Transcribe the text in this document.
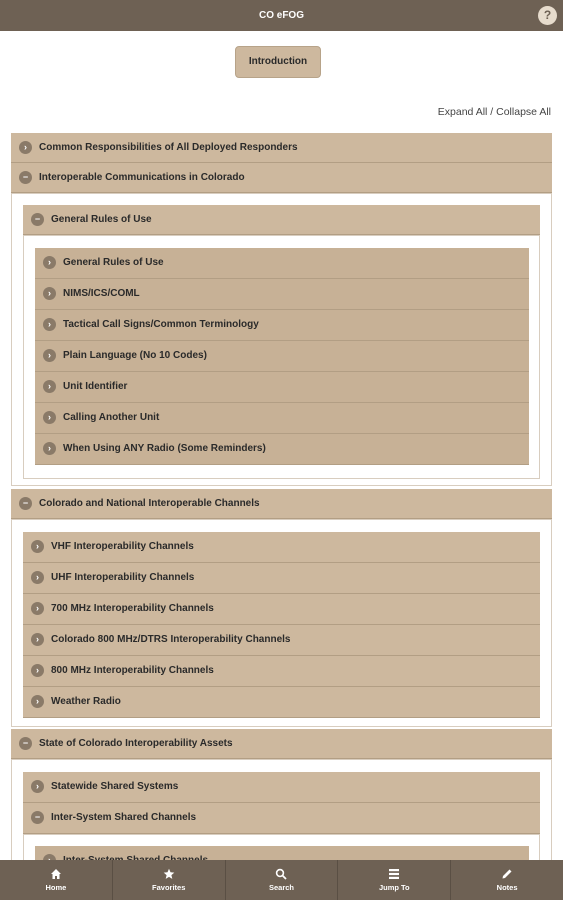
CO eFOG	?
Introduction
Expand All / Collapse All
›	Common Responsibilities of All Deployed Responders
−	Interoperable Communications in Colorado
−	General Rules of Use
›	General Rules of Use
›	NIMS/ICS/COML
›	Tactical Call Signs/Common Terminology
›	Plain Language (No 10 Codes)
›	Unit Identifier
›	Calling Another Unit
›	When Using ANY Radio (Some Reminders)
−	Colorado and National Interoperable Channels
›	VHF Interoperability Channels
›	UHF Interoperability Channels
›	700 MHz Interoperability Channels
›	Colorado 800 MHz/DTRS Interoperability Channels
›	800 MHz Interoperability Channels
›	Weather Radio
−	State of Colorado Interoperability Assets
›	Statewide Shared Systems
−	Inter-System Shared Channels
Home	Favorites	Search	Jump To	Notes
